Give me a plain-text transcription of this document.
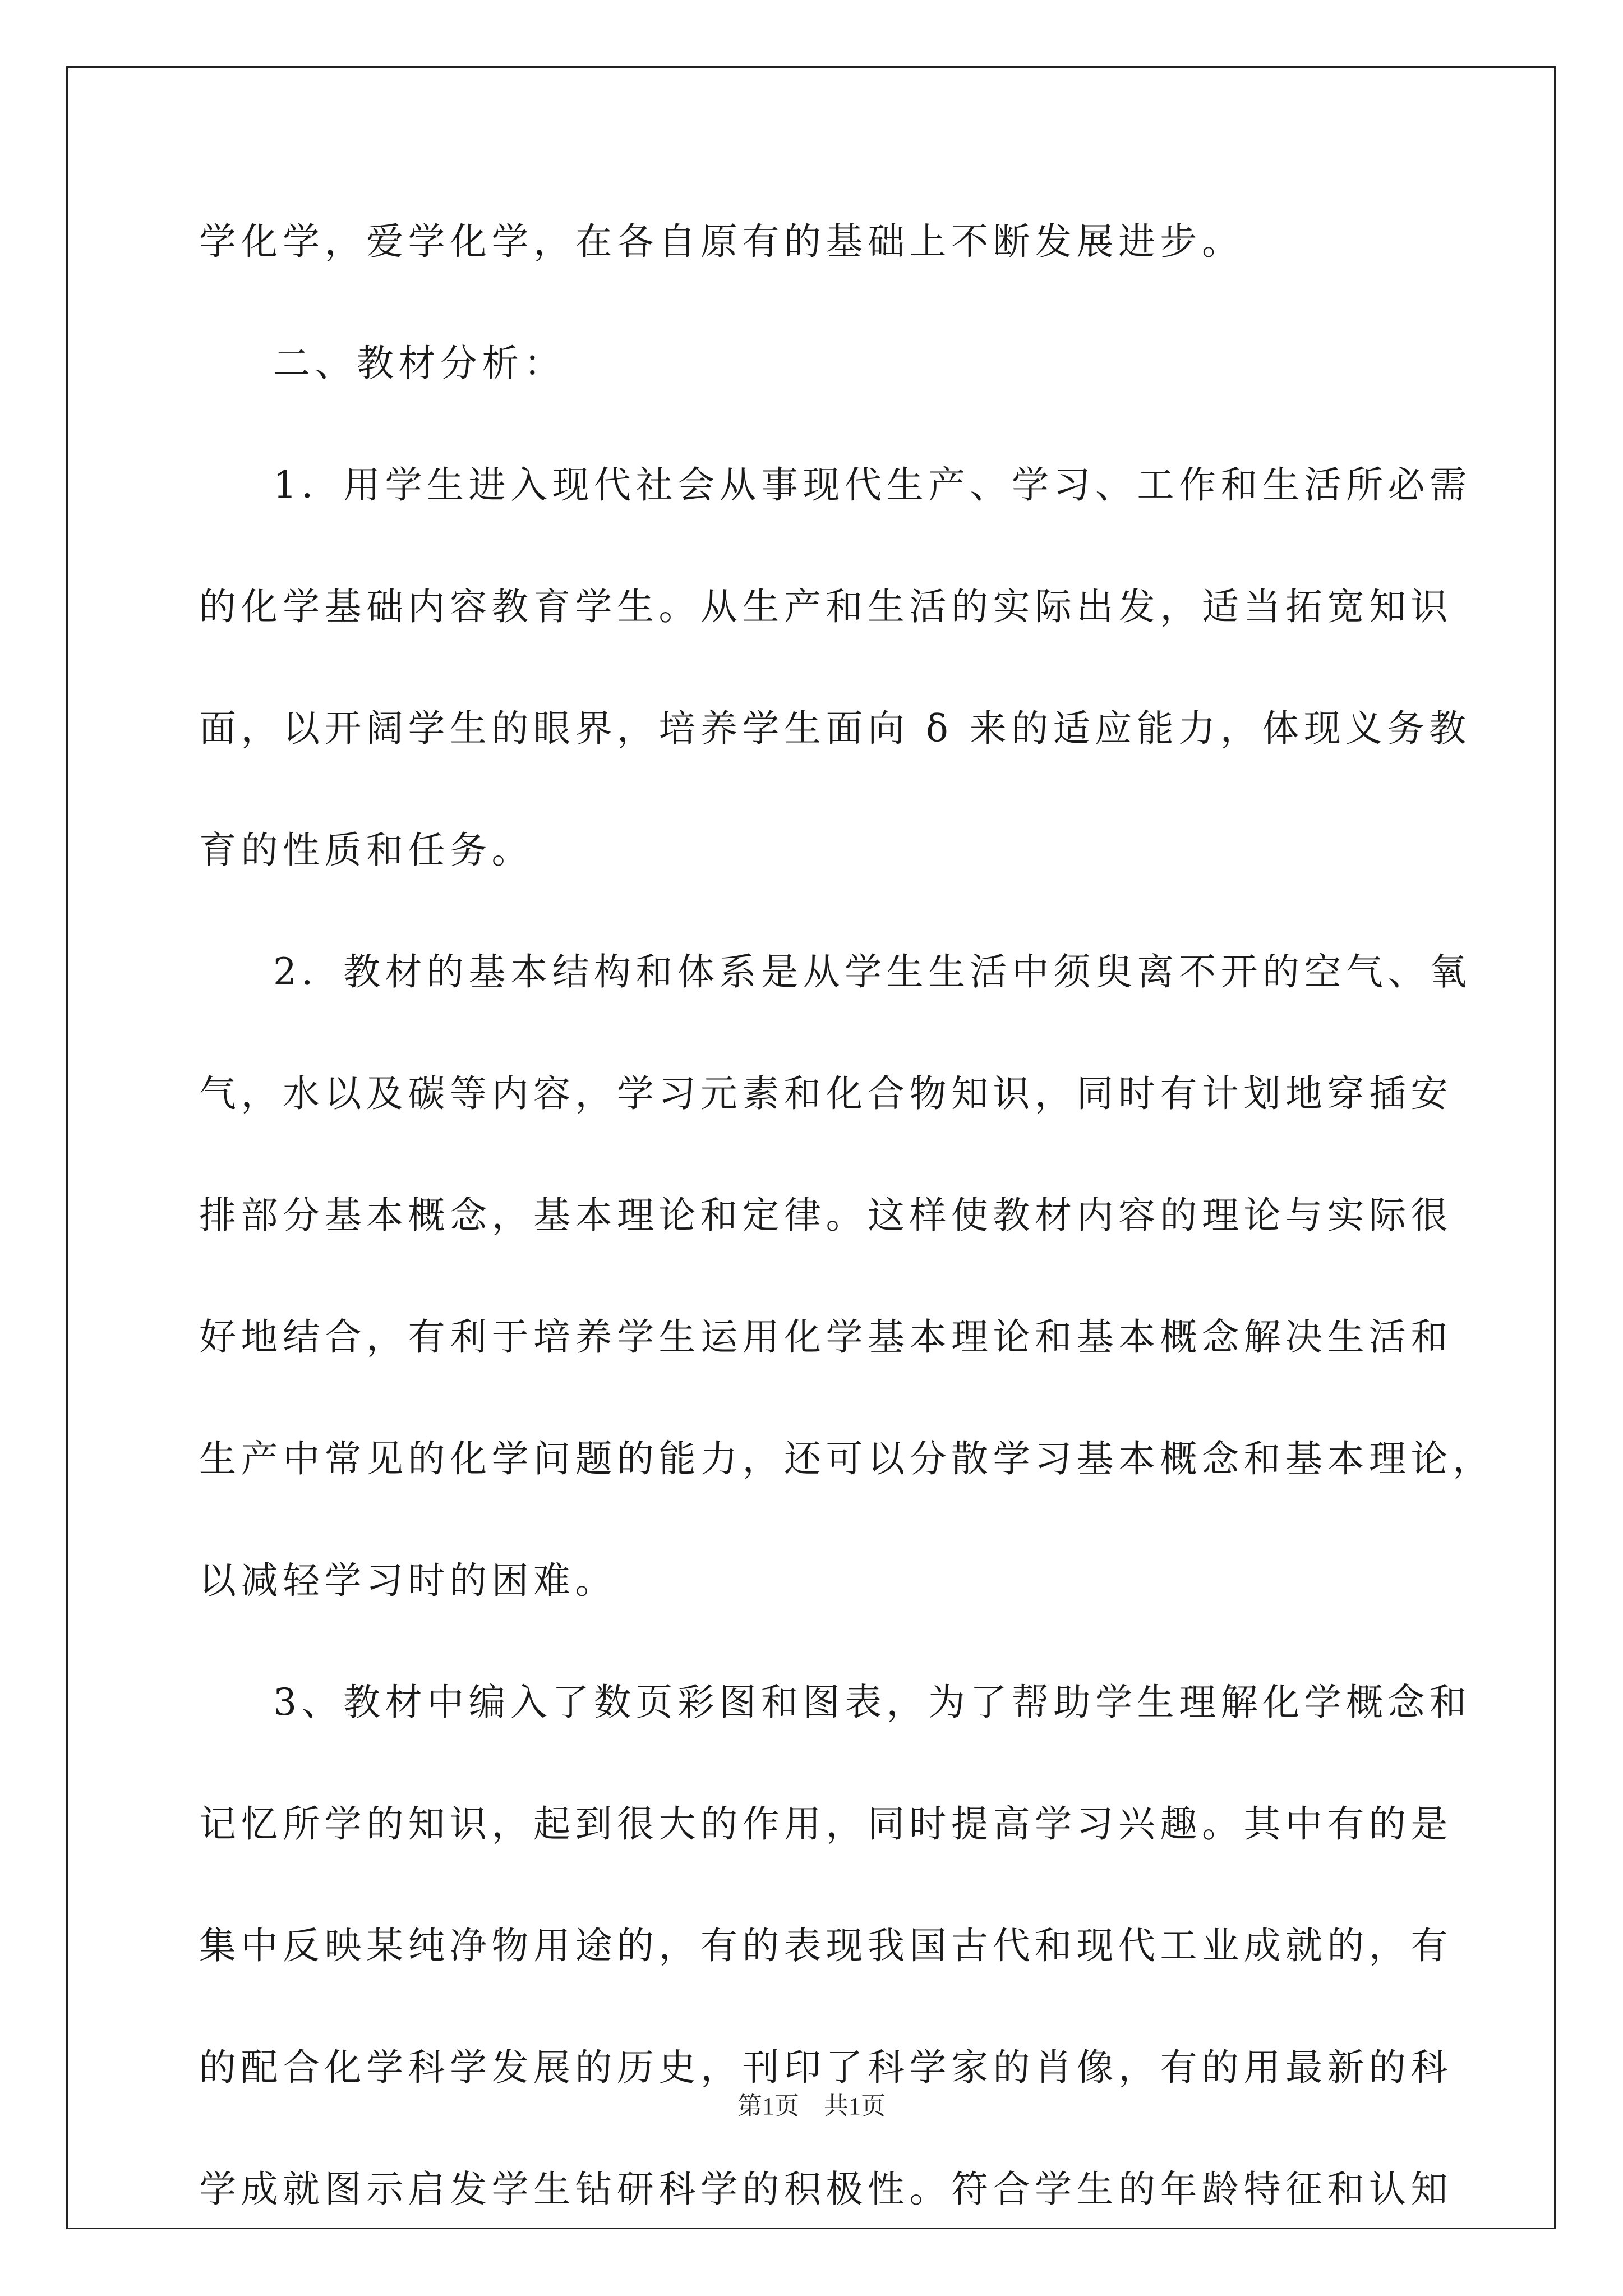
学化学，爱学化学，在各自原有的基础上不断发展进步。
二、教材分析：
1．用学生进入现代社会从事现代生产、学习、工作和生活所必需
的化学基础内容教育学生。从生产和生活的实际出发，适当拓宽知识
面，以开阔学生的眼界，培养学生面向 δ 来的适应能力，体现义务教
育的性质和任务。
2．教材的基本结构和体系是从学生生活中须臾离不开的空气、氧
气，水以及碳等内容，学习元素和化合物知识，同时有计划地穿插安
排部分基本概念，基本理论和定律。这样使教材内容的理论与实际很
好地结合，有利于培养学生运用化学基本理论和基本概念解决生活和
生产中常见的化学问题的能力，还可以分散学习基本概念和基本理论，
以减轻学习时的困难。
3、教材中编入了数页彩图和图表，为了帮助学生理解化学概念和
记忆所学的知识，起到很大的作用，同时提高学习兴趣。其中有的是
集中反映某纯净物用途的，有的表现我国古代和现代工业成就的，有
的配合化学科学发展的历史，刊印了科学家的肖像，有的用最新的科
学成就图示启发学生钻研科学的积极性。符合学生的年龄特征和认知
第1页 共1页
